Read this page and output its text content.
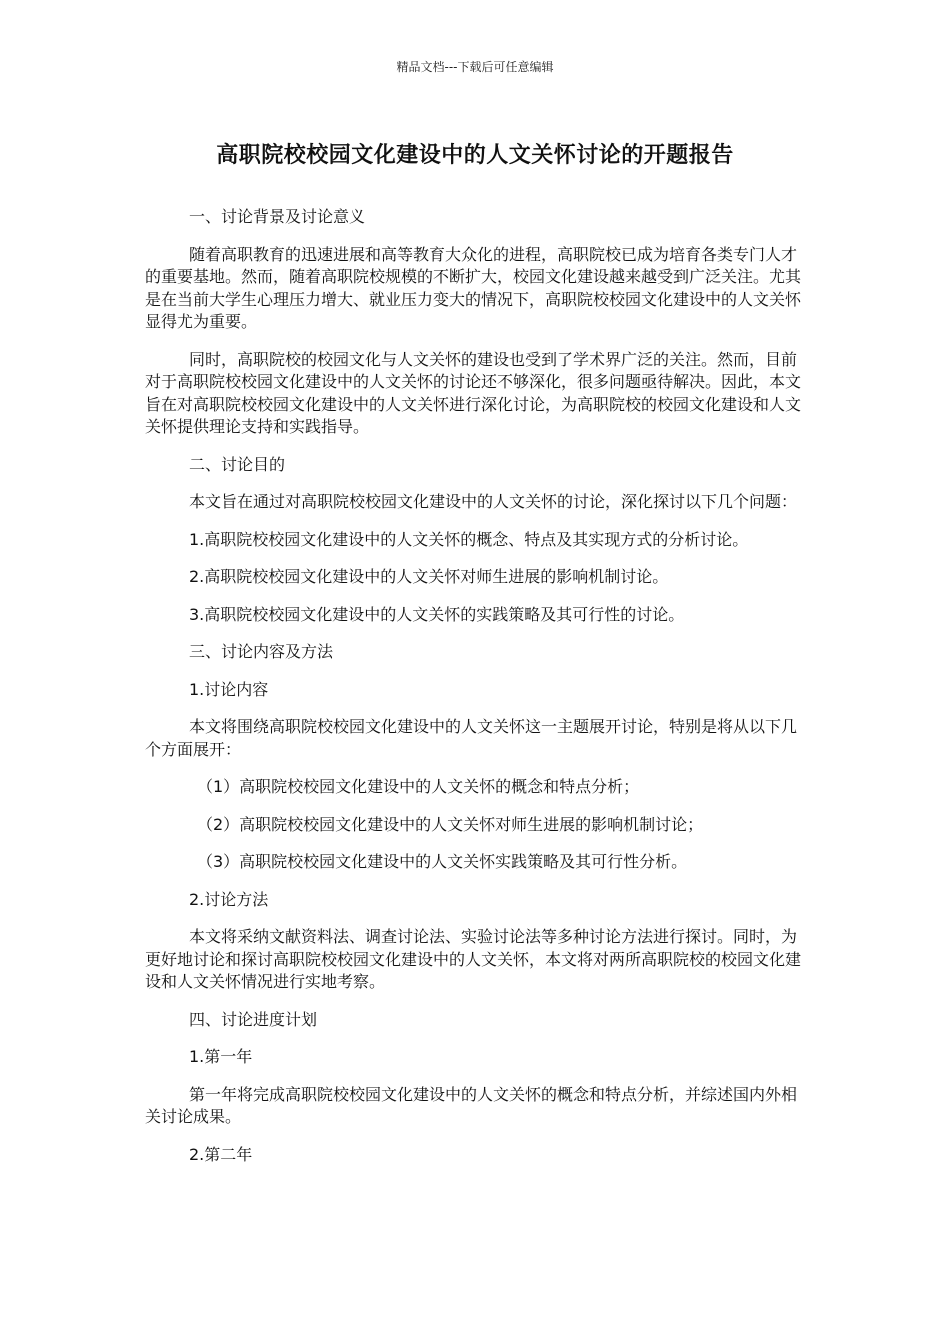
精品文档---下载后可任意编辑
高职院校校园文化建设中的人文关怀讨论的开题报告

一、讨论背景及讨论意义

随着高职教育的迅速进展和高等教育大众化的进程，高职院校已成为培育各类专门人才的重要基地。然而，随着高职院校规模的不断扩大，校园文化建设越来越受到广泛关注。尤其是在当前大学生心理压力增大、就业压力变大的情况下，高职院校校园文化建设中的人文关怀显得尤为重要。

同时，高职院校的校园文化与人文关怀的建设也受到了学术界广泛的关注。然而，目前对于高职院校校园文化建设中的人文关怀的讨论还不够深化，很多问题亟待解决。因此，本文旨在对高职院校校园文化建设中的人文关怀进行深化讨论，为高职院校的校园文化建设和人文关怀提供理论支持和实践指导。

二、讨论目的

本文旨在通过对高职院校校园文化建设中的人文关怀的讨论，深化探讨以下几个问题：

1.高职院校校园文化建设中的人文关怀的概念、特点及其实现方式的分析讨论。

2.高职院校校园文化建设中的人文关怀对师生进展的影响机制讨论。

3.高职院校校园文化建设中的人文关怀的实践策略及其可行性的讨论。

三、讨论内容及方法

1.讨论内容

本文将围绕高职院校校园文化建设中的人文关怀这一主题展开讨论，特别是将从以下几个方面展开：

（1）高职院校校园文化建设中的人文关怀的概念和特点分析；

（2）高职院校校园文化建设中的人文关怀对师生进展的影响机制讨论；

（3）高职院校校园文化建设中的人文关怀实践策略及其可行性分析。

2.讨论方法

本文将采纳文献资料法、调查讨论法、实验讨论法等多种讨论方法进行探讨。同时，为更好地讨论和探讨高职院校校园文化建设中的人文关怀，本文将对两所高职院校的校园文化建设和人文关怀情况进行实地考察。

四、讨论进度计划

1.第一年

第一年将完成高职院校校园文化建设中的人文关怀的概念和特点分析，并综述国内外相关讨论成果。

2.第二年
